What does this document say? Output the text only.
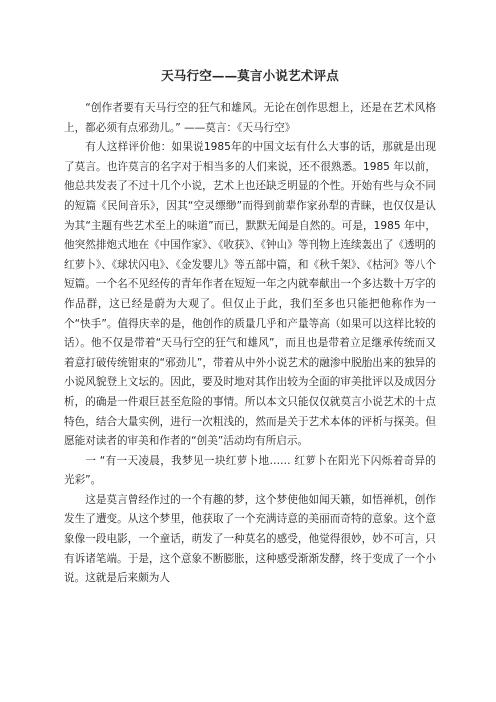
天马行空——莫言小说艺术评点

“创作者要有天马行空的狂气和雄风。无论在创作思想上，还是在艺术风格上，都必须有点邪劲儿。” ——莫言：《天马行空》

有人这样评价他：如果说1985年的中国文坛有什么大事的话，那就是出现了莫言。也许莫言的名字对于相当多的人们来说，还不很熟悉。1985 年以前，他总共发表了不过十几个小说，艺术上也还缺乏明显的个性。开始有些与众不同的短篇《民间音乐》，因其“空灵缥缈”而得到前辈作家孙犁的青睐，也仅仅是认为其“主题有些艺术至上的味道”而已，默默无闻是自然的。可是，1985 年中，他突然排炮式地在《中国作家》、《收获》、《钟山》等刊物上连续轰出了《透明的红萝卜》、《球状闪电》、《金发婴儿》等五部中篇，和《秋千架》、《枯河》等八个短篇。一个名不见经传的青年作者在短短一年之内就奉献出一个多达数十万字的作品群，这已经是蔚为大观了。但仅止于此，我们至多也只能把他称作为一个“快手”。值得庆幸的是，他创作的质量几乎和产量等高（如果可以这样比较的话）。他不仅是带着“天马行空的狂气和雄风”，而且也是带着立足继承传统而又着意打破传统钳束的“邪劲儿”，带着从中外小说艺术的融渗中脱胎出来的独异的小说风貌登上文坛的。因此，要及时地对其作出较为全面的审美批评以及成因分析，的确是一件艰巨甚至危险的事情。所以本文只能仅仅就莫言小说艺术的十点特色，结合大量实例，进行一次粗浅的，然而是关于艺术本体的评析与探美。但愿能对读者的审美和作者的“创美”活动均有所启示。

一 “有一天凌晨，我梦见一块红萝卜地…… 红萝卜在阳光下闪烁着奇异的光彩”。

这是莫言曾经作过的一个有趣的梦，这个梦使他如闻天籁，如悟禅机，创作发生了遭变。从这个梦里，他获取了一个充满诗意的美丽而奇特的意象。这个意象像一段电影，一个童话，萌发了一种莫名的感受，他觉得很妙，妙不可言，只有诉诸笔端。于是，这个意象不断膨胀，这种感受渐渐发酵，终于变成了一个小说。这就是后来颇为人
